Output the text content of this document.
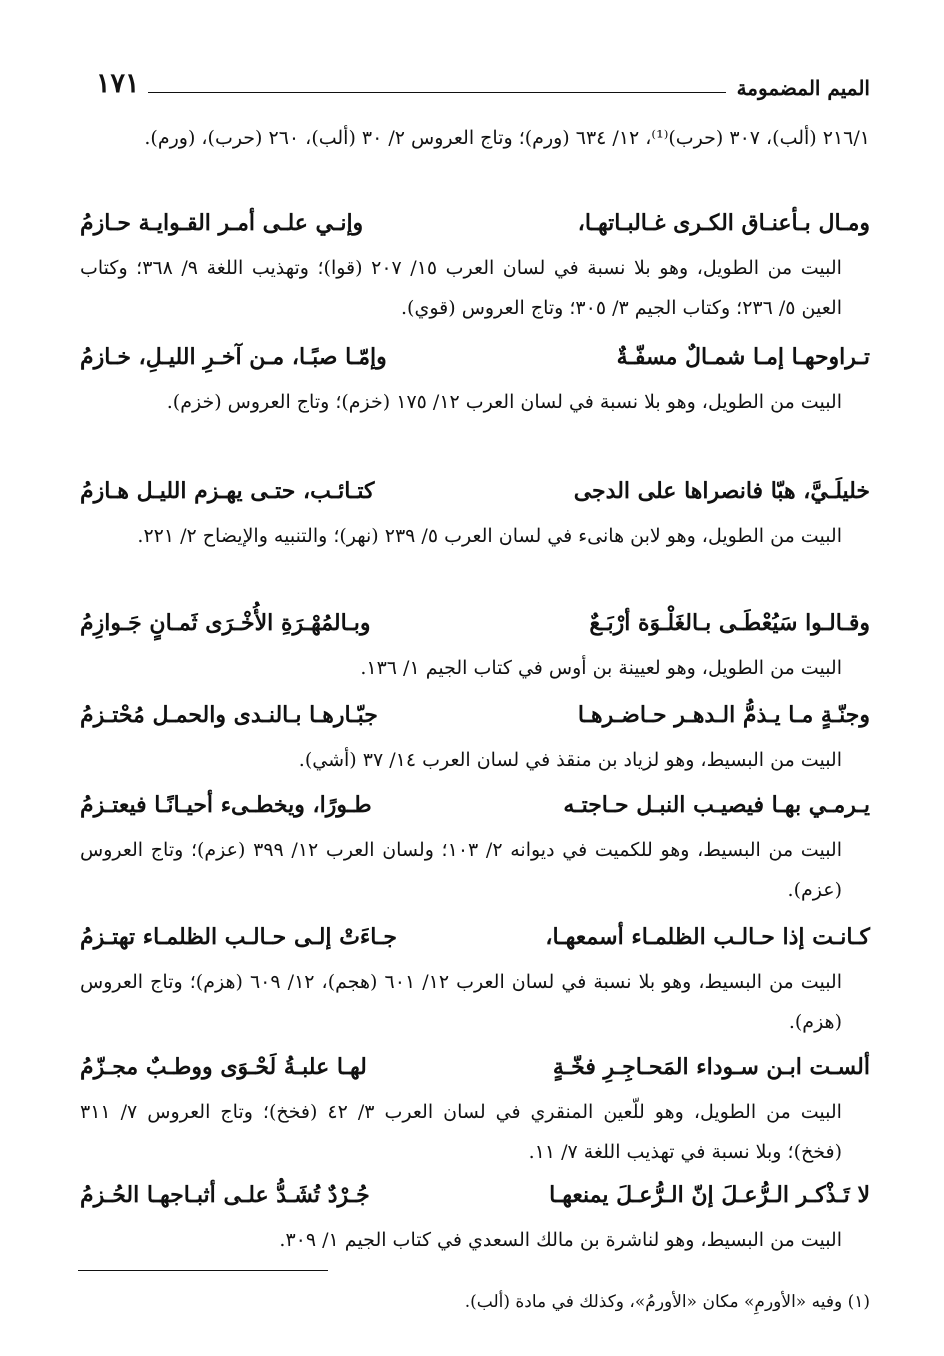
الميم المضمومة
١٧١
٢١٦/١ (ألب)، ٣٠٧ (حرب)⁽¹⁾، ١٢/ ٦٣٤ (ورم)؛ وتاج العروس ٢/ ٣٠ (ألب)، ٢٦٠ (حرب)، (ورم).
ومـال بـأعنـاق الكـرى غـالبـاتهـا،
وإنـي علـى أمـر القـوايـة حـازمُ
البيت من الطويل، وهو بلا نسبة في لسان العرب ١٥/ ٢٠٧ (قوا)؛ وتهذيب اللغة ٩/ ٣٦٨؛ وكتاب العين ٥/ ٢٣٦؛ وكتاب الجيم ٣/ ٣٠٥؛ وتاج العروس (قوي).
تـراوحهـا إمـا شمـالٌ مسفّـةٌ
وإمّـا صبًـا، مـن آخـرِ الليـلِ، خـازمُ
البيت من الطويل، وهو بلا نسبة في لسان العرب ١٢/ ١٧٥ (خزم)؛ وتاج العروس (خزم).
خليلَـيَّ، هبّا فانصراها على الدجى
كتـائـب، حتـى يهـزم الليـل هـازمُ
البيت من الطويل، وهو لابن هانىء في لسان العرب ٥/ ٢٣٩ (نهر)؛ والتنبيه والإيضاح ٢/ ٢٢١.
وقـالـوا سَيُعْطَـى بـالغَلْـوَة أرْبَـعٌ
وبـالمُهْـرَةِ الأُخْـرَى ثَمـانٍ جَـوازِمُ
البيت من الطويل، وهو لعيينة بن أوس في كتاب الجيم ١/ ١٣٦.
وجنّـةٍ مـا يـذمُّ الـدهـر حـاضـرهـا
جبّـارهـا بـالنـدى والحمـل مُحْتـزمُ
البيت من البسيط، وهو لزياد بن منقذ في لسان العرب ١٤/ ٣٧ (أشي).
يـرمـي بهـا فيصيـب النبـل حـاجتـه
طـورًا، ويخطـىء أحيـانًـا فيعتـزمُ
البيت من البسيط، وهو للكميت في ديوانه ٢/ ١٠٣؛ ولسان العرب ١٢/ ٣٩٩ (عزم)؛ وتاج العروس (عزم).
كـانـت إذا حـالـب الظلمـاء أسمعهـا،
جـاءَتْ إلـى حـالـب الظلمـاء تهتـزمُ
البيت من البسيط، وهو بلا نسبة في لسان العرب ١٢/ ٦٠١ (هجم)، ١٢/ ٦٠٩ (هزم)؛ وتاج العروس (هزم).
ألسـت ابـن سـوداء المَحـاجِـرِ فخّـةٍ
لهـا علبـةُ لَحْـوَى ووطـبٌ مجـزّمُ
البيت من الطويل، وهو للّعين المنقري في لسان العرب ٣/ ٤٢ (فخخ)؛ وتاج العروس ٧/ ٣١١ (فخخ)؛ وبلا نسبة في تهذيب اللغة ٧/ ١١.
لا تَـذْكـر الـرُّعـلَ إنّ الـرُّعـلَ يمنعهـا
جُـرْدٌ تُشَـدُّ علـى أثبـاجهـا الحُـزمُ
البيت من البسيط، وهو لناشرة بن مالك السعدي في كتاب الجيم ١/ ٣٠٩.
(١) وفيه «الأورمِ» مكان «الأورمُ»، وكذلك في مادة (ألب).
